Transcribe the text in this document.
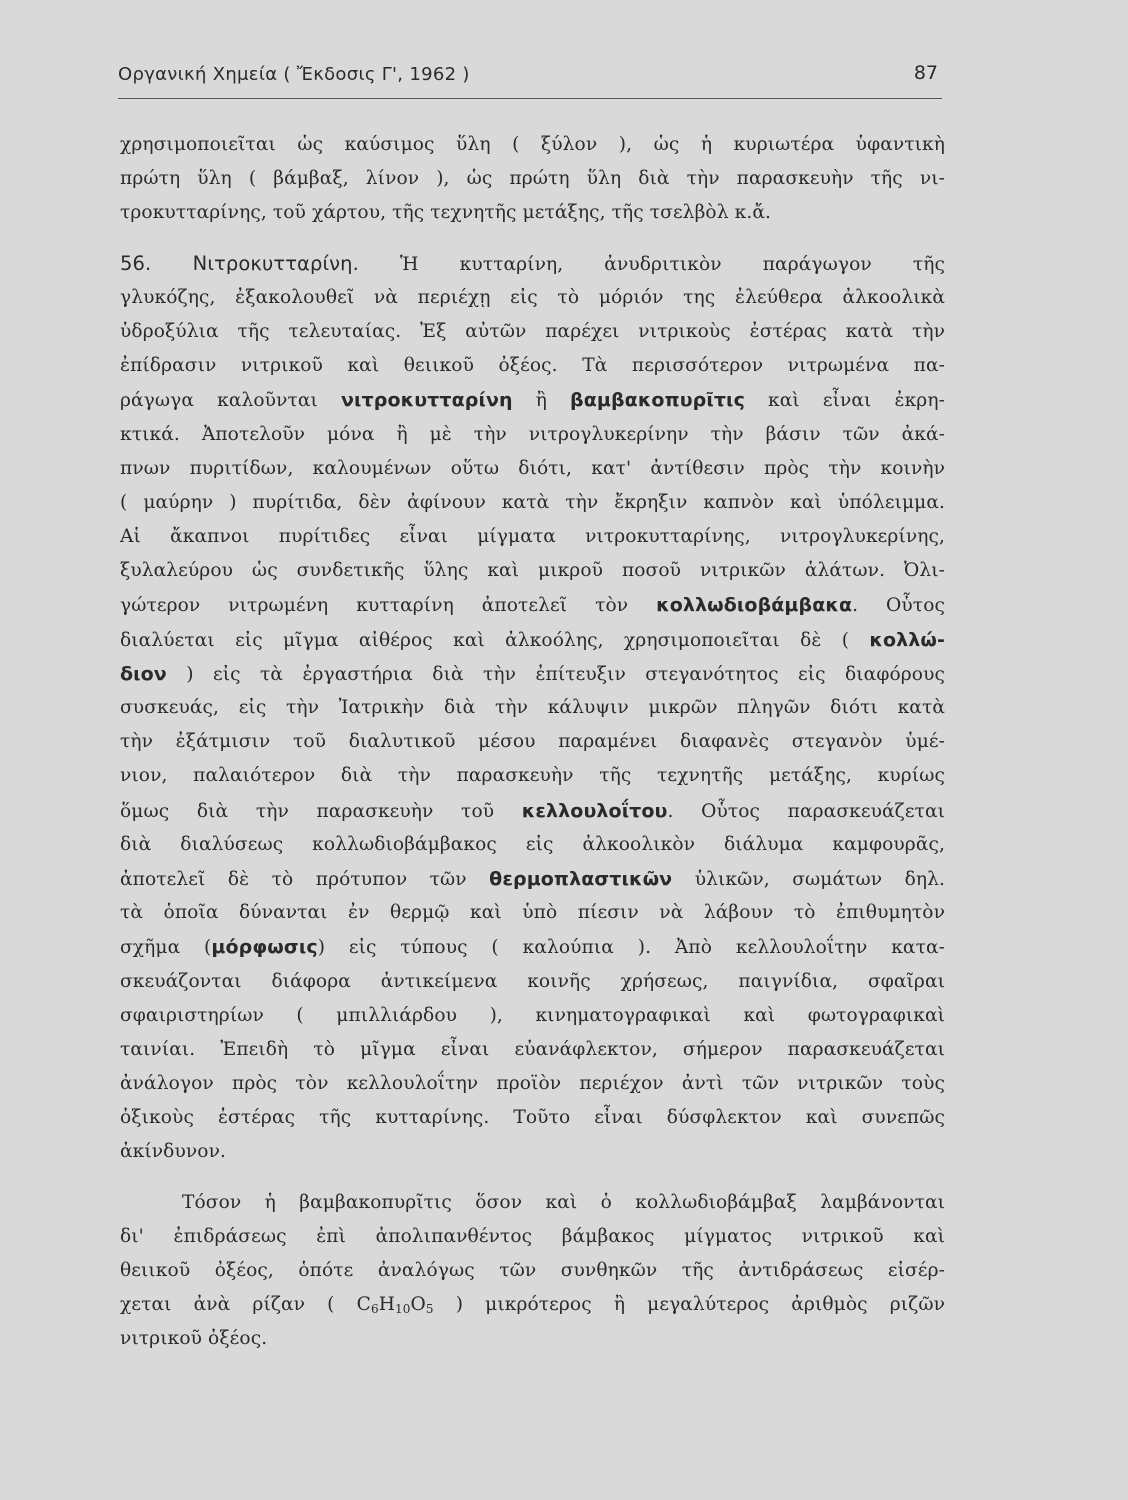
Οργανική Χημεία ( Ἔκδοσις Γ', 1962 )	87
χρησιμοποιεῖται ὡς καύσιμος ὕλη ( ξύλον ), ὡς ἡ κυριωτέρα ὑφαντικὴ
πρώτη ὕλη ( βάμβαξ, λίνον ), ὡς πρώτη ὕλη διὰ τὴν παρασκευὴν τῆς νι-
τροκυτταρίνης, τοῦ χάρτου, τῆς τεχνητῆς μετάξης, τῆς τσελβὸλ κ.ἄ.
56. Νιτροκυτταρίνη. Ἡ κυτταρίνη, ἀνυδριτικὸν παράγωγον τῆς
γλυκόζης, ἐξακολουθεῖ νὰ περιέχῃ εἰς τὸ μόριόν της ἐλεύθερα ἀλκοολικὰ
ὑδροξύλια τῆς τελευταίας. Ἐξ αὐτῶν παρέχει νιτρικοὺς ἐστέρας κατὰ τὴν
ἐπίδρασιν νιτρικοῦ καὶ θειικοῦ ὀξέος. Τὰ περισσότερον νιτρωμένα πα-
ράγωγα καλοῦνται νιτροκυτταρίνη ἢ βαμβακοπυρῖτις καὶ εἶναι ἐκρη-
κτικά. Ἀποτελοῦν μόνα ἢ μὲ τὴν νιτρογλυκερίνην τὴν βάσιν τῶν ἀκά-
πνων πυριτίδων, καλουμένων οὕτω διότι, κατ' ἀντίθεσιν πρὸς τὴν κοινὴν
( μαύρην ) πυρίτιδα, δὲν ἀφίνουν κατὰ τὴν ἔκρηξιν καπνὸν καὶ ὑπόλειμμα.
Αἱ ἄκαπνοι πυρίτιδες εἶναι μίγματα νιτροκυτταρίνης, νιτρογλυκερίνης,
ξυλαλεύρου ὡς συνδετικῆς ὕλης καὶ μικροῦ ποσοῦ νιτρικῶν ἁλάτων. Ὀλι-
γώτερον νιτρωμένη κυτταρίνη ἀποτελεῖ τὸν κολλωδιοβάμβακα. Οὗτος
διαλύεται εἰς μῖγμα αἰθέρος καὶ ἀλκοόλης, χρησιμοποιεῖται δὲ ( κολλώ-
διον ) εἰς τὰ ἐργαστήρια διὰ τὴν ἐπίτευξιν στεγανότητος εἰς διαφόρους
συσκευάς, εἰς τὴν Ἰατρικὴν διὰ τὴν κάλυψιν μικρῶν πληγῶν διότι κατὰ
τὴν ἐξάτμισιν τοῦ διαλυτικοῦ μέσου παραμένει διαφανὲς στεγανὸν ὑμέ-
νιον, παλαιότερον διὰ τὴν παρασκευὴν τῆς τεχνητῆς μετάξης, κυρίως
ὅμως διὰ τὴν παρασκευὴν τοῦ κελλουλοΐτου. Οὗτος παρασκευάζεται
διὰ διαλύσεως κολλωδιοβάμβακος εἰς ἀλκοολικὸν διάλυμα καμφουρᾶς,
ἀποτελεῖ δὲ τὸ πρότυπον τῶν θερμοπλαστικῶν ὑλικῶν, σωμάτων δηλ.
τὰ ὁποῖα δύνανται ἐν θερμῷ καὶ ὑπὸ πίεσιν νὰ λάβουν τὸ ἐπιθυμητὸν
σχῆμα (μόρφωσις) εἰς τύπους ( καλούπια ). Ἀπὸ κελλουλοΐτην κατα-
σκευάζονται διάφορα ἀντικείμενα κοινῆς χρήσεως, παιγνίδια, σφαῖραι
σφαιριστηρίων ( μπιλλιάρδου ), κινηματογραφικαὶ καὶ φωτογραφικαὶ
ταινίαι. Ἐπειδὴ τὸ μῖγμα εἶναι εὐανάφλεκτον, σήμερον παρασκευάζεται
ἀνάλογον πρὸς τὸν κελλουλοΐτην προϊὸν περιέχον ἀντὶ τῶν νιτρικῶν τοὺς
ὀξικοὺς ἐστέρας τῆς κυτταρίνης. Τοῦτο εἶναι δύσφλεκτον καὶ συνεπῶς
ἀκίνδυνον.
Τόσον ἡ βαμβακοπυρῖτις ὅσον καὶ ὁ κολλωδιοβάμβαξ λαμβάνονται
δι' ἐπιδράσεως ἐπὶ ἀπολιπανθέντος βάμβακος μίγματος νιτρικοῦ καὶ
θειικοῦ ὀξέος, ὁπότε ἀναλόγως τῶν συνθηκῶν τῆς ἀντιδράσεως εἰσέρ-
χεται ἀνὰ ρίζαν ( $C_6H_{10}O_5$ ) μικρότερος ἢ μεγαλύτερος ἀριθμὸς ριζῶν
νιτρικοῦ ὀξέος.
